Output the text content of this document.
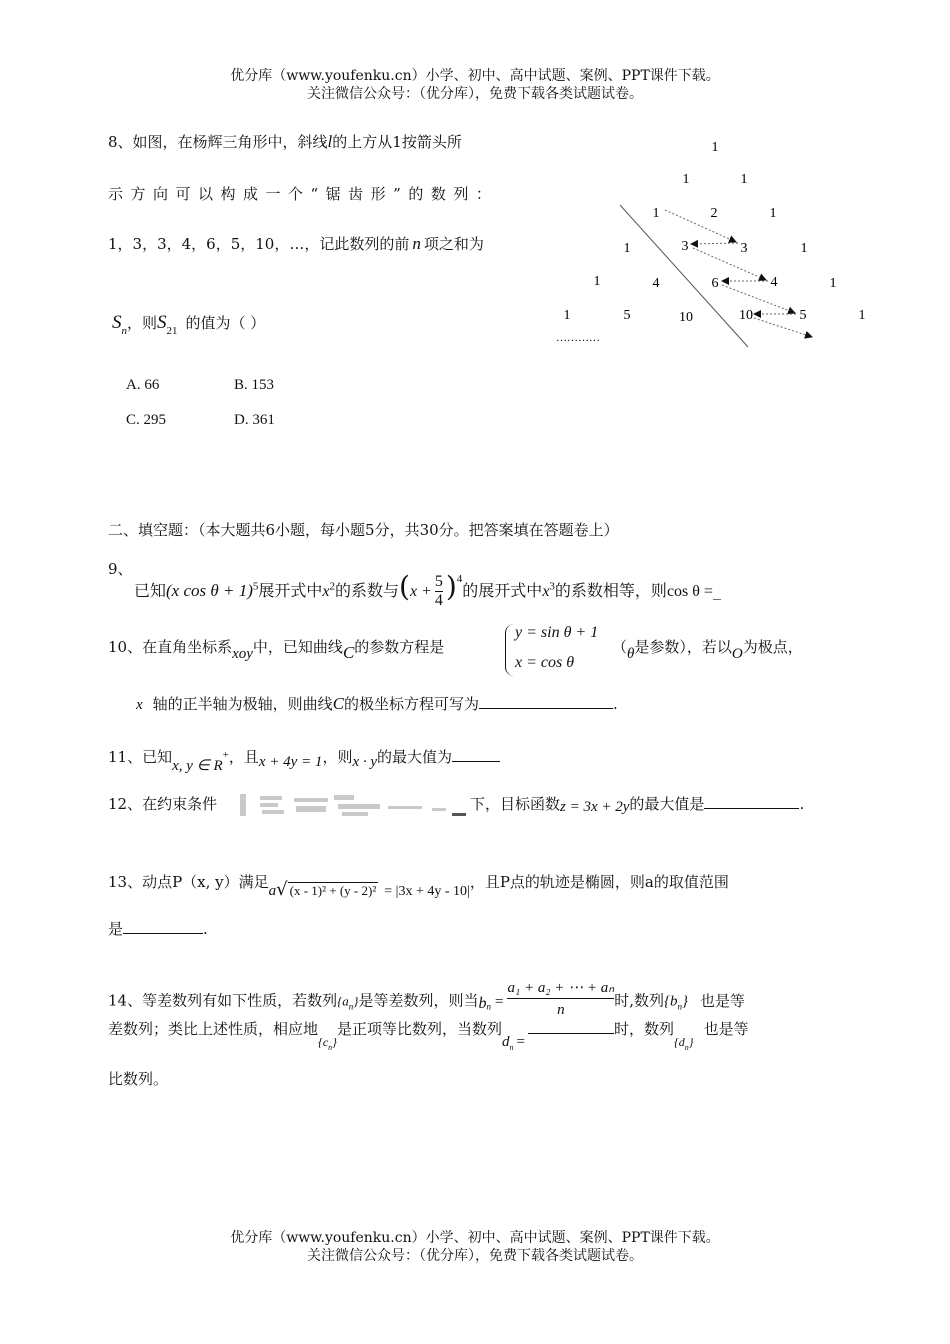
优分库（www.youfenku.cn）小学、初中、高中试题、案例、PPT课件下载。
关注微信公众号：（优分库），免费下载各类试题试卷。
8、如图，在杨辉三角形中，斜线l的上方从1按箭头所
示方向可以构成一个“锯齿形”的数列：
1，3，3，4，6，5，10，…，记此数列的前 n 项之和为
$S_n$，则$S_{21}$ 的值为（ ）
A. 66	B. 153
C. 295	D. 361
1
1	1
1	2	1
1	3	3	1
1	4	6	4	1
1	5	10	10	5	1
…………
二、填空题：（本大题共6小题，每小题5分，共30分。把答案填在答题卷上）
9、
已知(x cos θ + 1)$^5$展开式中$x^2$的系数与$(x + \frac{5}{4} )^4$的展开式中$x^3$的系数相等，则cos θ =_
10、在直角坐标系xoy中，已知曲线C的参数方程是
y = sin θ + 1
x = cos θ
（θ是参数），若以O为极点，
x 轴的正半轴为极轴，则曲线C的极坐标方程可写为	.
11、已知x, y ∈ R+，且x + 4y = 1，则x · y的最大值为
12、在约束条件	下，目标函数z = 3x + 2y的最大值是	.
13、动点P（x, y）满足a√ (x - 1)² + (y - 2)² = |3x + 4y - 10|，且P点的轨迹是椭圆，则a的取值范围
是	.
14、等差数列有如下性质，若数列$\{a_n\}$是等差数列，则当$b_n = \frac{\text{a₁ + a₂ + ⋯ + aₙ}}{n}$ 时,数列$\{b_n\}$ 也是等
差数列；类比上述性质，相应地$_{\{cn\}}$是正项等比数列，当数列$d_n$ =时，数列$_{\{dn\}}$也是等
比数列。
优分库（www.youfenku.cn）小学、初中、高中试题、案例、PPT课件下载。
关注微信公众号：（优分库），免费下载各类试题试卷。
